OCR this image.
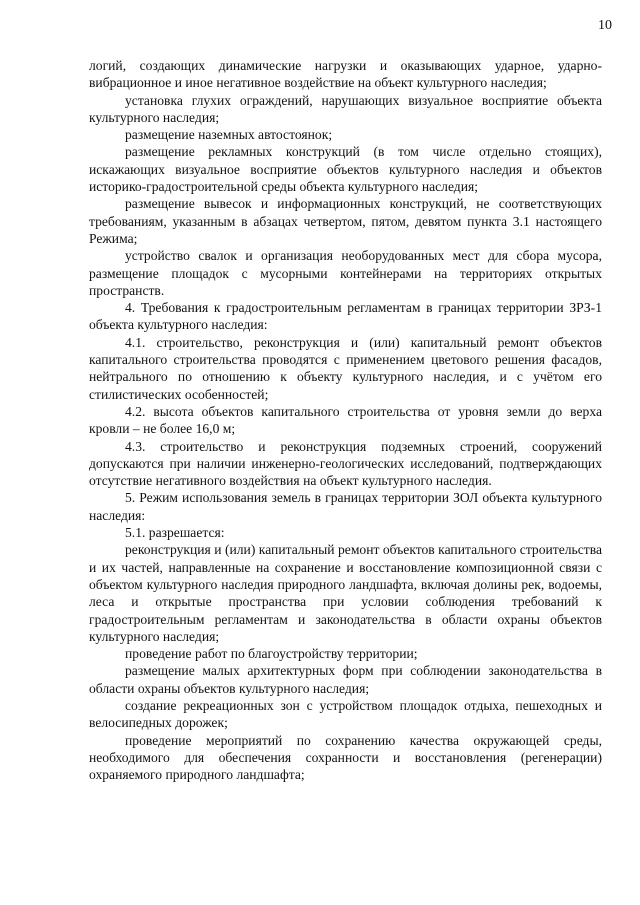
10

логий, создающих динамические нагрузки и оказывающих ударное, ударно-вибрационное и иное негативное воздействие на объект культурного наследия;

установка глухих ограждений, нарушающих визуальное восприятие объекта культурного наследия;

размещение наземных автостоянок;

размещение рекламных конструкций (в том числе отдельно стоящих), искажающих визуальное восприятие объектов культурного наследия и объектов историко-градостроительной среды объекта культурного наследия;

размещение вывесок и информационных конструкций, не соответствующих требованиям, указанным в абзацах четвертом, пятом, девятом пункта 3.1 настоящего Режима;

устройство свалок и организация необорудованных мест для сбора мусора, размещение площадок с мусорными контейнерами на территориях открытых пространств.

4. Требования к градостроительным регламентам в границах территории ЗРЗ-1 объекта культурного наследия:

4.1. строительство, реконструкция и (или) капитальный ремонт объектов капитального строительства проводятся с применением цветового решения фасадов, нейтрального по отношению к объекту культурного наследия, и с учётом его стилистических особенностей;

4.2. высота объектов капитального строительства от уровня земли до верха кровли – не более 16,0 м;

4.3. строительство и реконструкция подземных строений, сооружений допускаются при наличии инженерно-геологических исследований, подтверждающих отсутствие негативного воздействия на объект культурного наследия.

5. Режим использования земель в границах территории ЗОЛ объекта культурного наследия:

5.1. разрешается:

реконструкция и (или) капитальный ремонт объектов капитального строительства и их частей, направленные на сохранение и восстановление композиционной связи с объектом культурного наследия природного ландшафта, включая долины рек, водоемы, леса и открытые пространства при условии соблюдения требований к градостроительным регламентам и законодательства в области охраны объектов культурного наследия;

проведение работ по благоустройству территории;

размещение малых архитектурных форм при соблюдении законодательства в области охраны объектов культурного наследия;

создание рекреационных зон с устройством площадок отдыха, пешеходных и велосипедных дорожек;

проведение мероприятий по сохранению качества окружающей среды, необходимого для обеспечения сохранности и восстановления (регенерации) охраняемого природного ландшафта;
